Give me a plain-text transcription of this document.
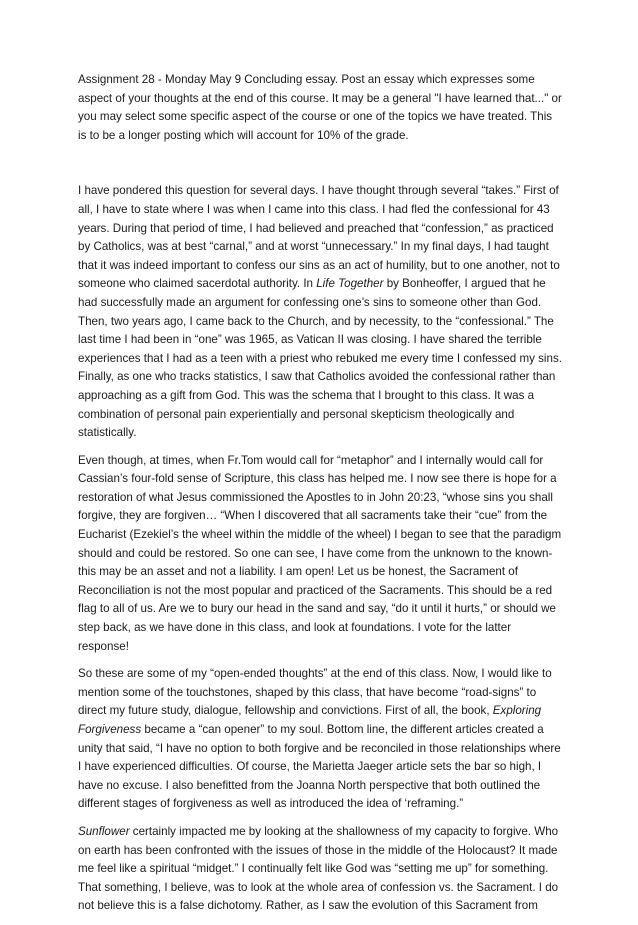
Assignment 28 - Monday May 9 Concluding essay. Post an essay which expresses some aspect of your thoughts at the end of this course. It may be a general "I have learned that..." or you may select some specific aspect of the course or one of the topics we have treated. This is to be a longer posting which will account for 10% of the grade.

I have pondered this question for several days. I have thought through several “takes.” First of all, I have to state where I was when I came into this class. I had fled the confessional for 43 years. During that period of time, I had believed and preached that “confession,” as practiced by Catholics, was at best “carnal,” and at worst “unnecessary.” In my final days, I had taught that it was indeed important to confess our sins as an act of humility, but to one another, not to someone who claimed sacerdotal authority. In Life Together by Bonheoffer, I argued that he had successfully made an argument for confessing one’s sins to someone other than God. Then, two years ago, I came back to the Church, and by necessity, to the “confessional.” The last time I had been in “one” was 1965, as Vatican II was closing. I have shared the terrible experiences that I had as a teen with a priest who rebuked me every time I confessed my sins. Finally, as one who tracks statistics, I saw that Catholics avoided the confessional rather than approaching as a gift from God. This was the schema that I brought to this class. It was a combination of personal pain experientially and personal skepticism theologically and statistically.

Even though, at times, when Fr.Tom would call for “metaphor” and I internally would call for Cassian’s four-fold sense of Scripture, this class has helped me. I now see there is hope for a restoration of what Jesus commissioned the Apostles to in John 20:23, “whose sins you shall forgive, they are forgiven… “When I discovered that all sacraments take their “cue” from the Eucharist (Ezekiel’s the wheel within the middle of the wheel) I began to see that the paradigm should and could be restored. So one can see, I have come from the unknown to the known-this may be an asset and not a liability. I am open! Let us be honest, the Sacrament of Reconciliation is not the most popular and practiced of the Sacraments. This should be a red flag to all of us. Are we to bury our head in the sand and say, “do it until it hurts,” or should we step back, as we have done in this class, and look at foundations. I vote for the latter response!

So these are some of my “open-ended thoughts” at the end of this class. Now, I would like to mention some of the touchstones, shaped by this class, that have become “road-signs” to direct my future study, dialogue, fellowship and convictions. First of all, the book, Exploring Forgiveness became a “can opener” to my soul. Bottom line, the different articles created a unity that said, “I have no option to both forgive and be reconciled in those relationships where I have experienced difficulties. Of course, the Marietta Jaeger article sets the bar so high, I have no excuse. I also benefitted from the Joanna North perspective that both outlined the different stages of forgiveness as well as introduced the idea of ‘reframing.”

Sunflower certainly impacted me by looking at the shallowness of my capacity to forgive. Who on earth has been confronted with the issues of those in the middle of the Holocaust? It made me feel like a spiritual “midget.” I continually felt like God was “setting me up” for something. That something, I believe, was to look at the whole area of confession vs. the Sacrament. I do not believe this is a false dichotomy. Rather, as I saw the evolution of this Sacrament from
